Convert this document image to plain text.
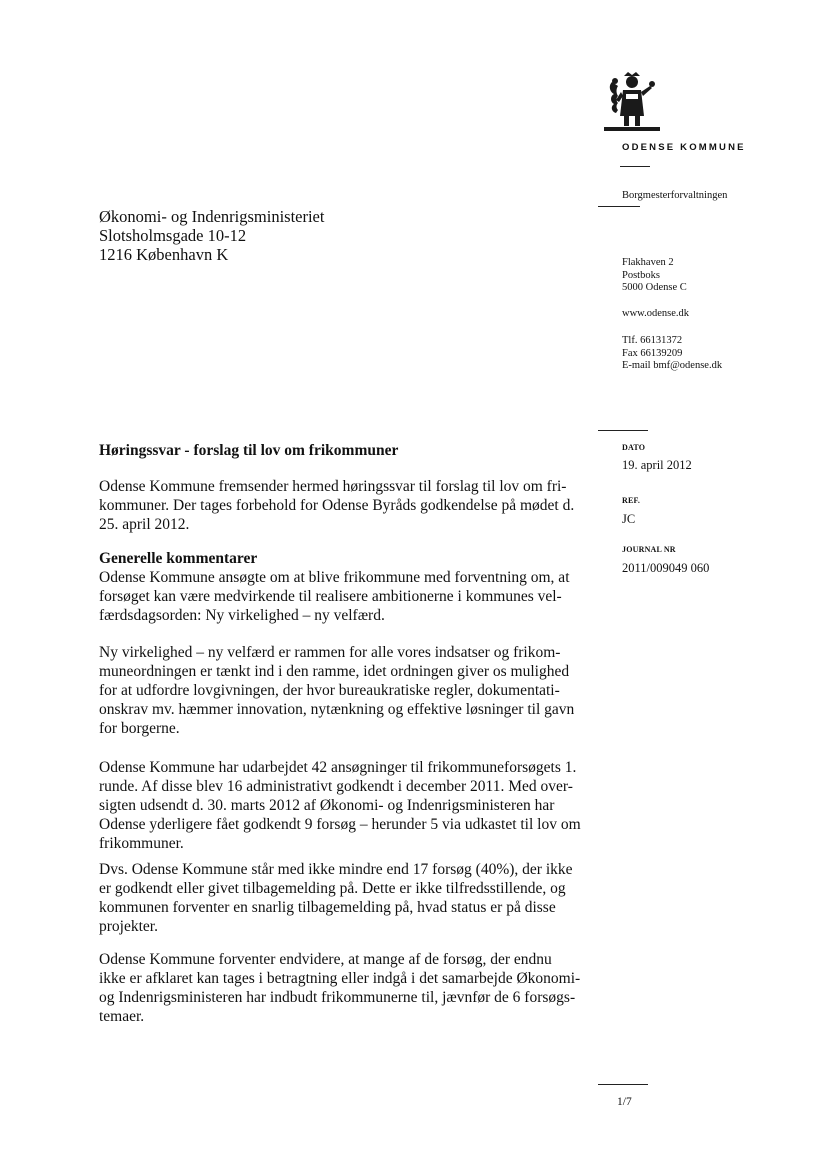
ODENSE KOMMUNE
Borgmesterforvaltningen
Flakhaven 2
Postboks
5000 Odense C
www.odense.dk
Tlf. 66131372
Fax 66139209
E-mail bmf@odense.dk
DATO
19. april 2012
REF.
JC
JOURNAL NR
2011/009049 060
Økonomi- og Indenrigsministeriet
Slotsholmsgade 10-12
1216 København K
Høringssvar - forslag til lov om frikommuner
Odense Kommune fremsender hermed høringssvar til forslag til lov om fri-
kommuner. Der tages forbehold for Odense Byråds godkendelse på mødet d.
25. april 2012.
Generelle kommentarer
Odense Kommune ansøgte om at blive frikommune med forventning om, at
forsøget kan være medvirkende til realisere ambitionerne i kommunes vel-
færdsdagsorden: Ny virkelighed – ny velfærd.
Ny virkelighed – ny velfærd er rammen for alle vores indsatser og frikom-
muneordningen er tænkt ind i den ramme, idet ordningen giver os mulighed
for at udfordre lovgivningen, der hvor bureaukratiske regler, dokumentati-
onskrav mv. hæmmer innovation, nytænkning og effektive løsninger til gavn
for borgerne.
Odense Kommune har udarbejdet 42 ansøgninger til frikommuneforsøgets 1.
runde. Af disse blev 16 administrativt godkendt i december 2011. Med over-
sigten udsendt d. 30. marts 2012 af Økonomi- og Indenrigsministeren har
Odense yderligere fået godkendt 9 forsøg – herunder 5 via udkastet til lov om
frikommuner.
Dvs. Odense Kommune står med ikke mindre end 17 forsøg (40%), der ikke
er godkendt eller givet tilbagemelding på. Dette er ikke tilfredsstillende, og
kommunen forventer en snarlig tilbagemelding på, hvad status er på disse
projekter.
Odense Kommune forventer endvidere, at mange af de forsøg, der endnu
ikke er afklaret kan tages i betragtning eller indgå i det samarbejde Økonomi-
og Indenrigsministeren har indbudt frikommunerne til, jævnfør de 6 forsøgs-
temaer.
1/7
